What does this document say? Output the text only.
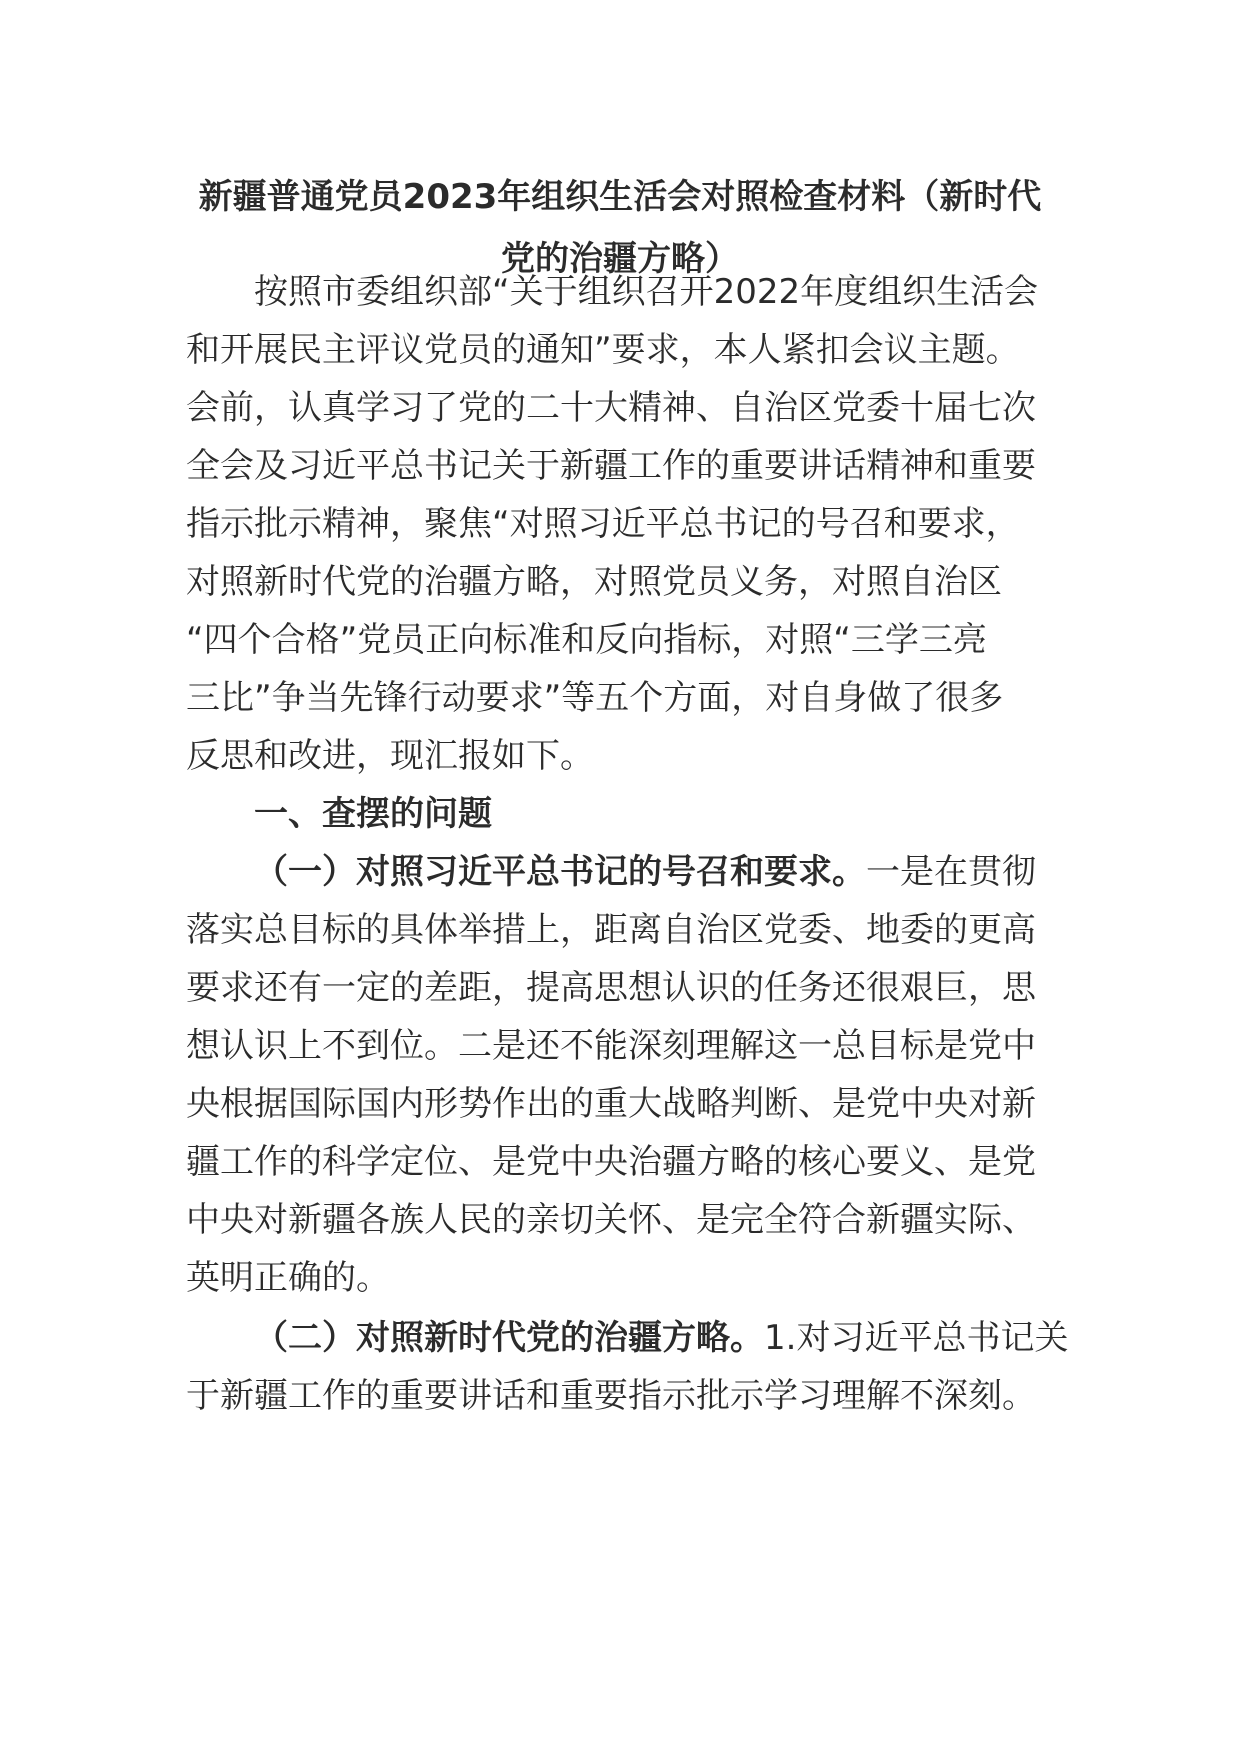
新疆普通党员2023年组织生活会对照检查材料（新时代
党的治疆方略）
按照市委组织部“关于组织召开2022年度组织生活会
和开展民主评议党员的通知”要求，本人紧扣会议主题。
会前，认真学习了党的二十大精神、自治区党委十届七次
全会及习近平总书记关于新疆工作的重要讲话精神和重要
指示批示精神，聚焦“对照习近平总书记的号召和要求，
对照新时代党的治疆方略，对照党员义务，对照自治区
“四个合格”党员正向标准和反向指标，对照“三学三亮
三比”争当先锋行动要求”等五个方面，对自身做了很多
反思和改进，现汇报如下。
一、查摆的问题
（一）对照习近平总书记的号召和要求。一是在贯彻
落实总目标的具体举措上，距离自治区党委、地委的更高
要求还有一定的差距，提高思想认识的任务还很艰巨，思
想认识上不到位。二是还不能深刻理解这一总目标是党中
央根据国际国内形势作出的重大战略判断、是党中央对新
疆工作的科学定位、是党中央治疆方略的核心要义、是党
中央对新疆各族人民的亲切关怀、是完全符合新疆实际、
英明正确的。
（二）对照新时代党的治疆方略。1.对习近平总书记关
于新疆工作的重要讲话和重要指示批示学习理解不深刻。
